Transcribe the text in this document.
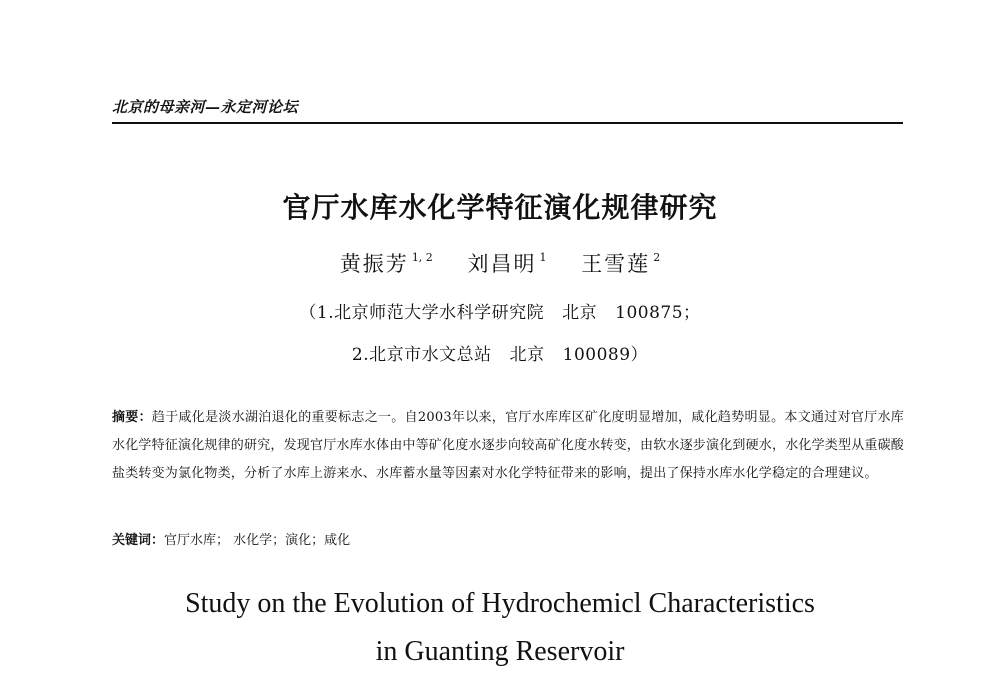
北京的母亲河—永定河论坛
官厅水库水化学特征演化规律研究
黄振芳 $^{1, 2}$ 刘昌明 $^1$ 王雪莲 $^2$
（1.北京师范大学水科学研究院 北京 100875；
2.北京市水文总站 北京 100089）
摘要：趋于咸化是淡水湖泊退化的重要标志之一。自2003年以来，官厅水库库区矿化度明显增加，咸化趋势明显。本文通过对官厅水库水化学特征演化规律的研究，发现官厅水库水体由中等矿化度水逐步向较高矿化度水转变，由软水逐步演化到硬水，水化学类型从重碳酸盐类转变为氯化物类，分析了水库上游来水、水库蓄水量等因素对水化学特征带来的影响，提出了保持水库水化学稳定的合理建议。
关键词：官厅水库； 水化学；演化；咸化
Study on the Evolution of Hydrochemicl Characteristics
in Guanting Reservoir
